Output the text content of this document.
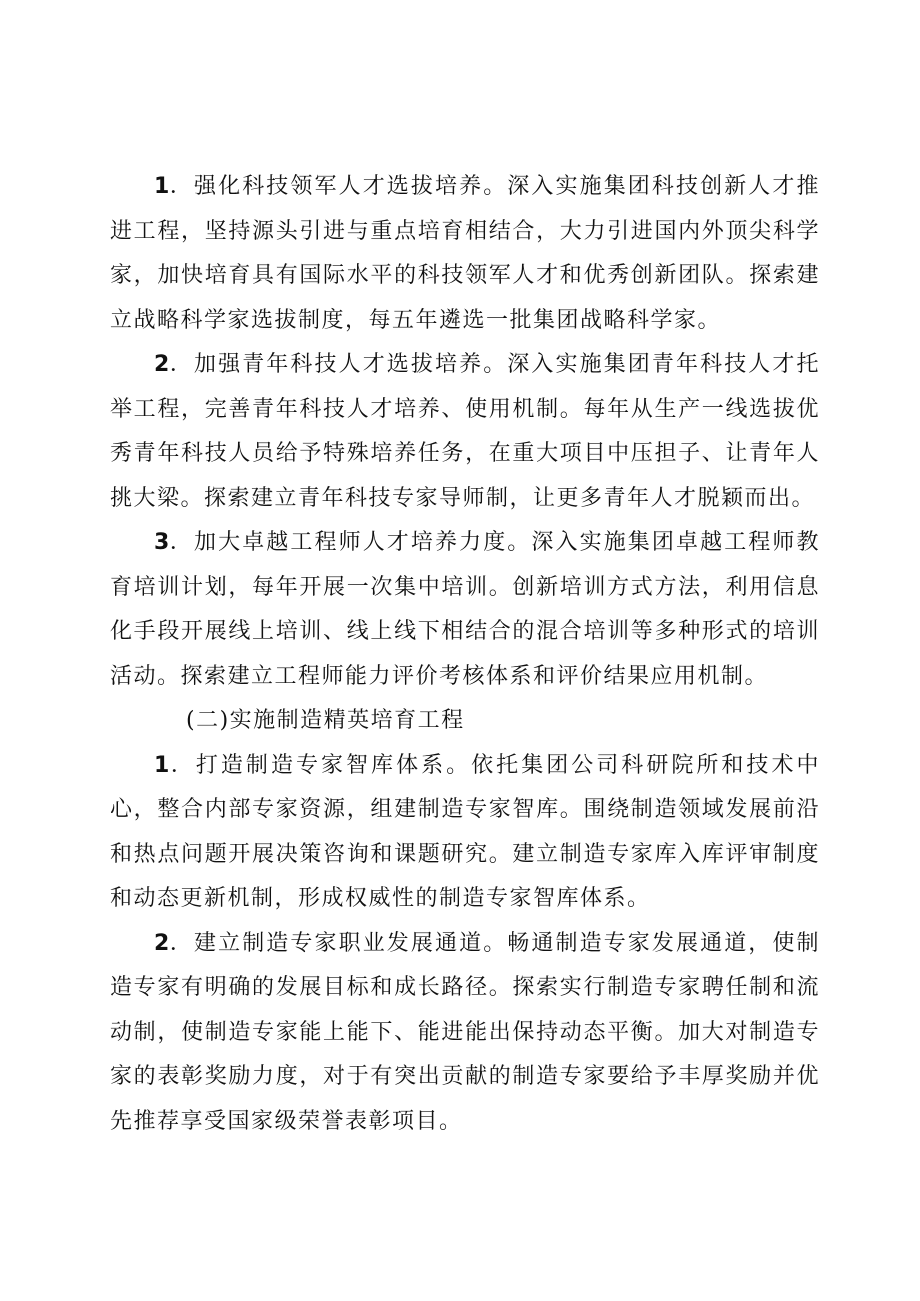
1．强化科技领军人才选拔培养。深入实施集团科技创新人才推进工程，坚持源头引进与重点培育相结合，大力引进国内外顶尖科学家，加快培育具有国际水平的科技领军人才和优秀创新团队。探索建立战略科学家选拔制度，每五年遴选一批集团战略科学家。

2．加强青年科技人才选拔培养。深入实施集团青年科技人才托举工程，完善青年科技人才培养、使用机制。每年从生产一线选拔优秀青年科技人员给予特殊培养任务，在重大项目中压担子、让青年人挑大梁。探索建立青年科技专家导师制，让更多青年人才脱颖而出。

3．加大卓越工程师人才培养力度。深入实施集团卓越工程师教育培训计划，每年开展一次集中培训。创新培训方式方法，利用信息化手段开展线上培训、线上线下相结合的混合培训等多种形式的培训活动。探索建立工程师能力评价考核体系和评价结果应用机制。

(二)实施制造精英培育工程

1．打造制造专家智库体系。依托集团公司科研院所和技术中心，整合内部专家资源，组建制造专家智库。围绕制造领域发展前沿和热点问题开展决策咨询和课题研究。建立制造专家库入库评审制度和动态更新机制，形成权威性的制造专家智库体系。

2．建立制造专家职业发展通道。畅通制造专家发展通道，使制造专家有明确的发展目标和成长路径。探索实行制造专家聘任制和流动制，使制造专家能上能下、能进能出保持动态平衡。加大对制造专家的表彰奖励力度，对于有突出贡献的制造专家要给予丰厚奖励并优先推荐享受国家级荣誉表彰项目。
